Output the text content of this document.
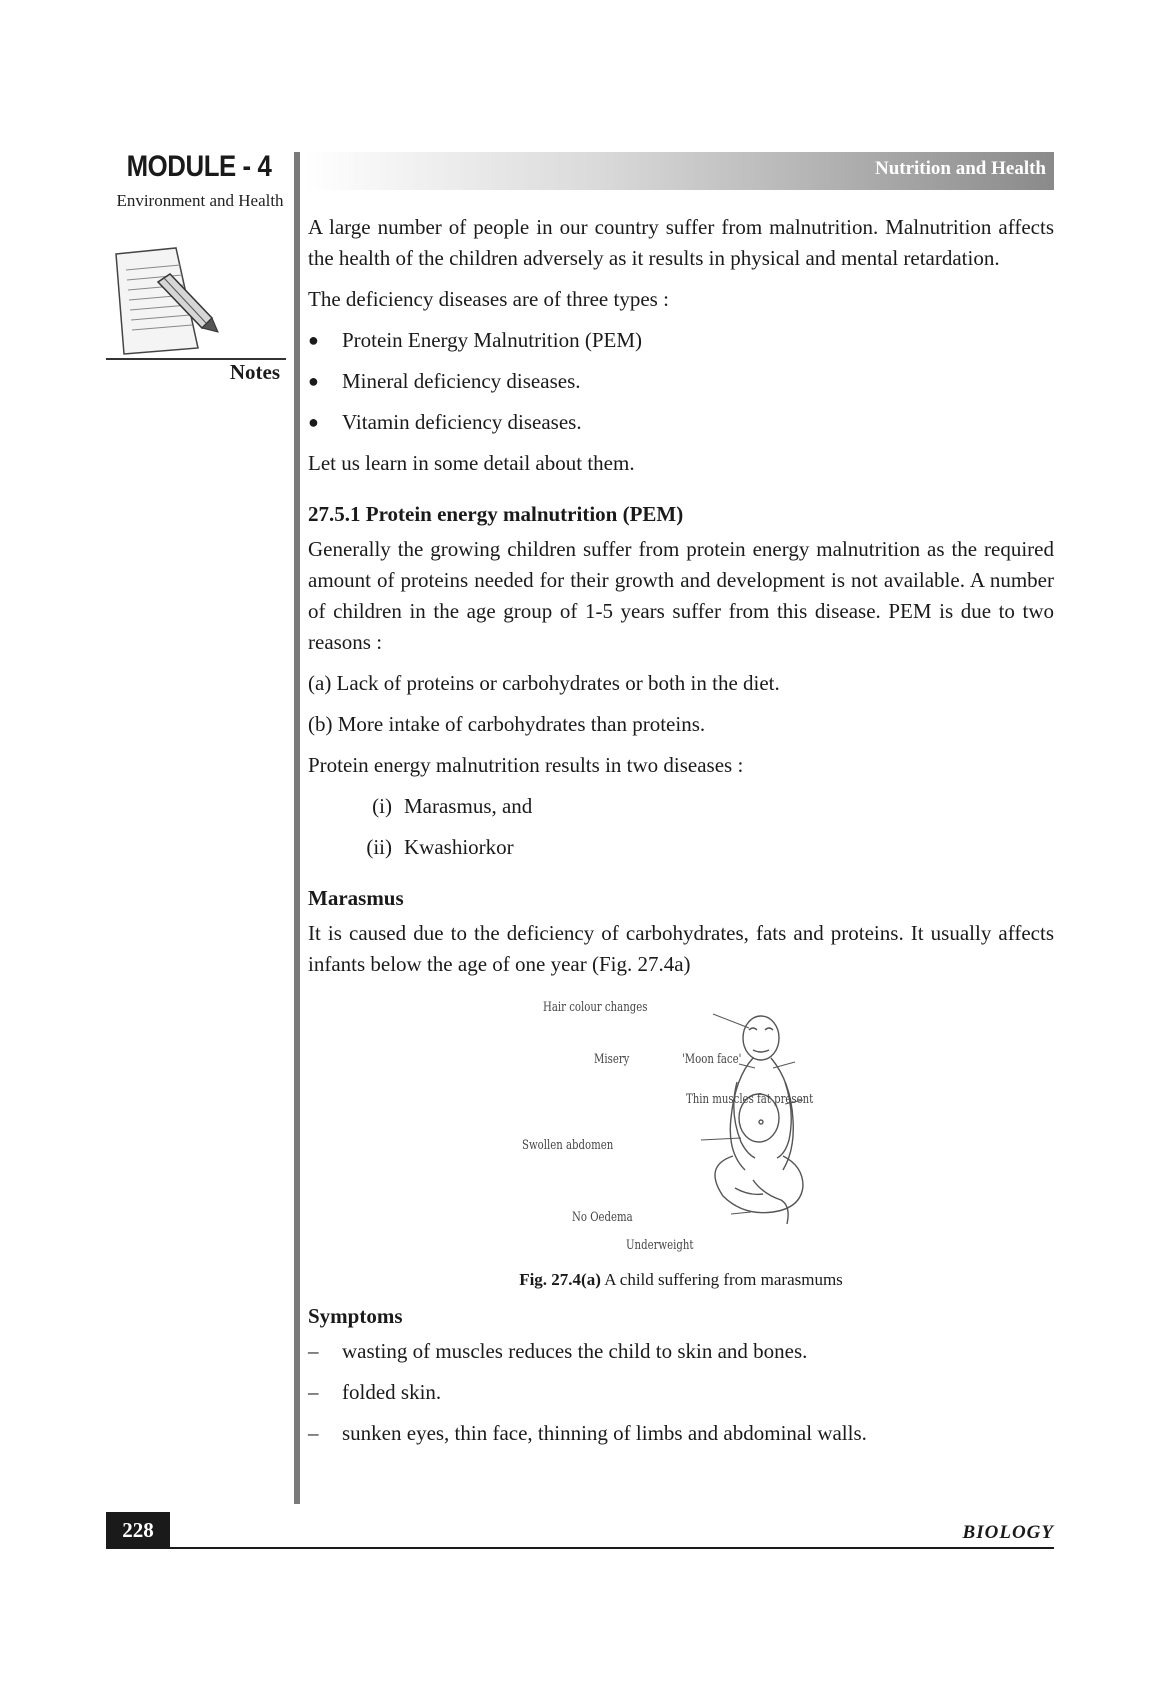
MODULE - 4
Environment and Health
Notes
Nutrition and Health

A large number of people in our country suffer from malnutrition. Malnutrition affects the health of the children adversely as it results in physical and mental retardation.

The deficiency diseases are of three types :

●	Protein Energy Malnutrition (PEM)
●	Mineral deficiency diseases.
●	Vitamin deficiency diseases.

Let us learn in some detail about them.

27.5.1 Protein energy malnutrition (PEM)

Generally the growing children suffer from protein energy malnutrition as the required amount of proteins needed for their growth and development is not available. A number of children in the age group of 1-5 years suffer from this disease. PEM is due to two reasons :

(a) Lack of proteins or carbohydrates or both in the diet.

(b) More intake of carbohydrates than proteins.

Protein energy malnutrition results in two diseases :

(i) Marasmus, and
(ii) Kwashiorkor
Marasmus

It is caused due to the deficiency of carbohydrates, fats and proteins. It usually affects infants below the age of one year (Fig. 27.4a)

Hair colour changes
Misery	'Moon face'
Thin muscles fat present
Swollen abdomen
No Oedema
Underweight
Fig. 27.4(a) A child suffering from marasmums
Symptoms
–	wasting of muscles reduces the child to skin and bones.
–	folded skin.
–	sunken eyes, thin face, thinning of limbs and abdominal walls.
228	BIOLOGY
